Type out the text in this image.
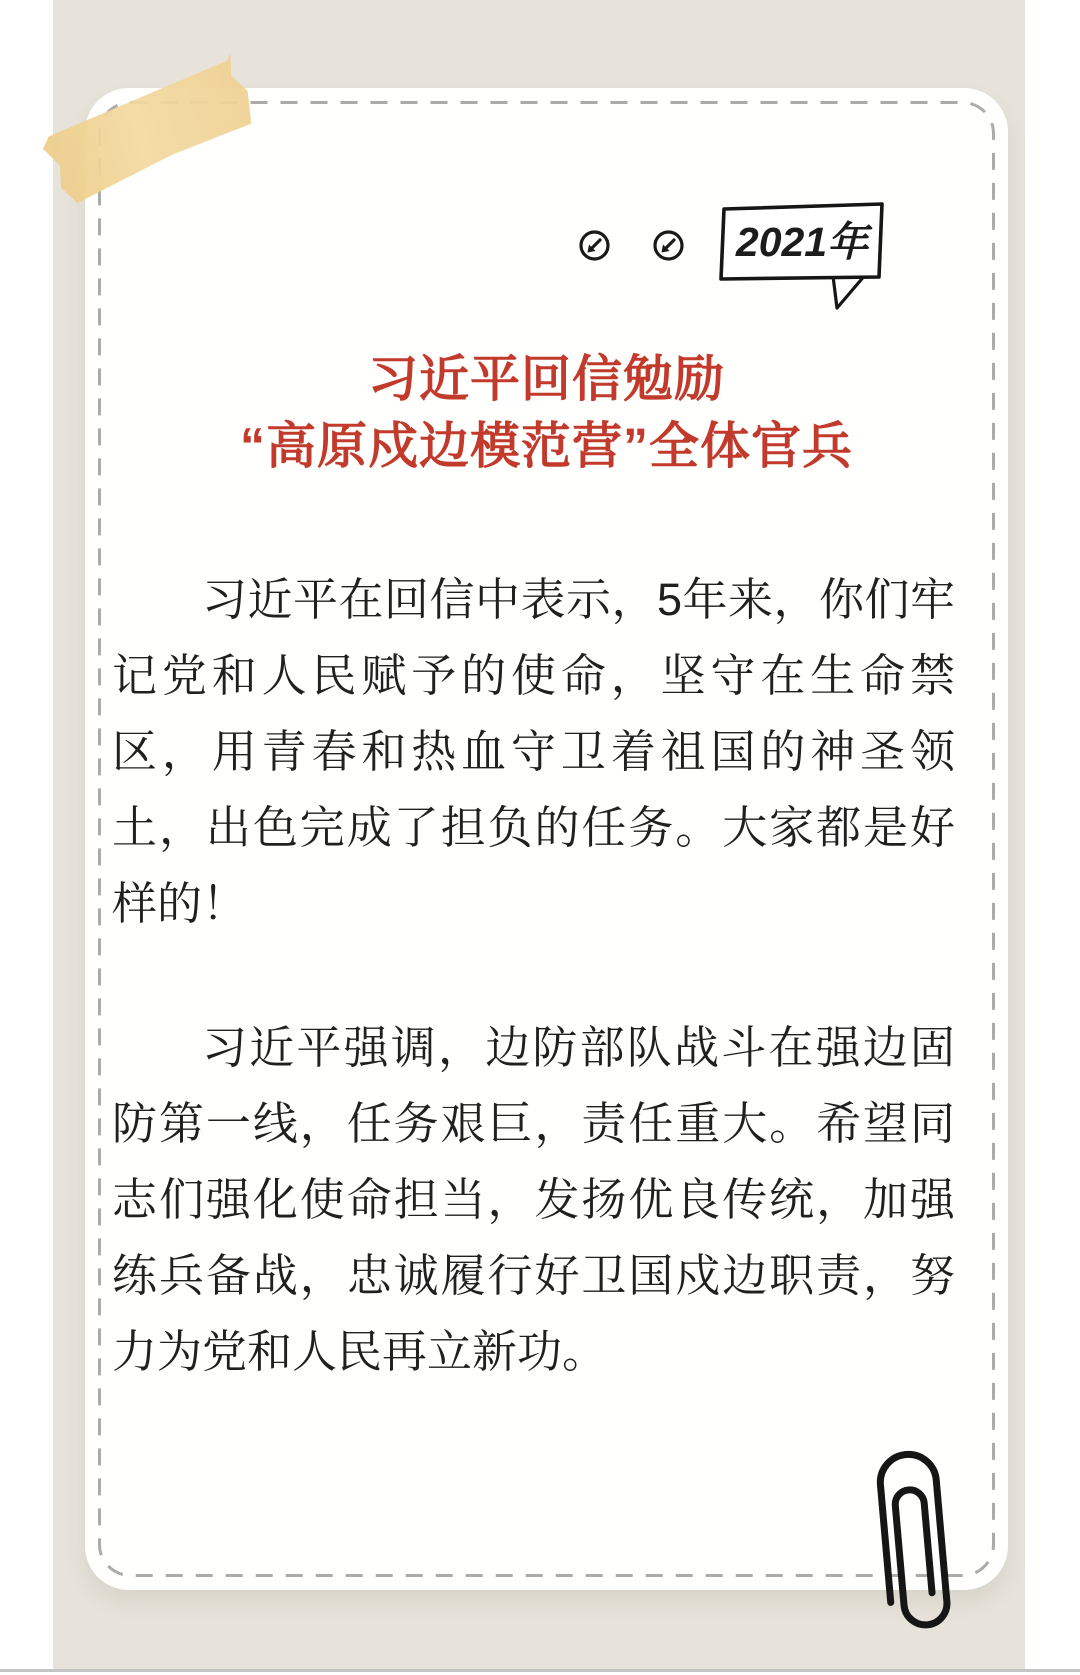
2021年
习近平回信勉励
“高原戍边模范营”全体官兵

习近平在回信中表示，5年来，你们牢记党和人民赋予的使命，坚守在生命禁区，用青春和热血守卫着祖国的神圣领土，出色完成了担负的任务。大家都是好样的！

习近平强调，边防部队战斗在强边固防第一线，任务艰巨，责任重大。希望同志们强化使命担当，发扬优良传统，加强练兵备战，忠诚履行好卫国戍边职责，努力为党和人民再立新功。
